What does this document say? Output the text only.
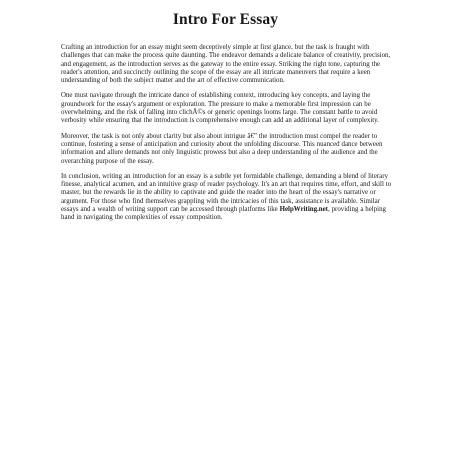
Intro For Essay

Crafting an introduction for an essay might seem deceptively simple at first glance, but the task is fraught with challenges that can make the process quite daunting. The endeavor demands a delicate balance of creativity, precision, and engagement, as the introduction serves as the gateway to the entire essay. Striking the right tone, capturing the reader's attention, and succinctly outlining the scope of the essay are all intricate maneuvers that require a keen understanding of both the subject matter and the art of effective communication.

One must navigate through the intricate dance of establishing context, introducing key concepts, and laying the groundwork for the essay's argument or exploration. The pressure to make a memorable first impression can be overwhelming, and the risk of falling into clichÃ©s or generic openings looms large. The constant battle to avoid verbosity while ensuring that the introduction is comprehensive enough can add an additional layer of complexity.

Moreover, the task is not only about clarity but also about intrigue â€” the introduction must compel the reader to continue, fostering a sense of anticipation and curiosity about the unfolding discourse. This nuanced dance between information and allure demands not only linguistic prowess but also a deep understanding of the audience and the overarching purpose of the essay.

In conclusion, writing an introduction for an essay is a subtle yet formidable challenge, demanding a blend of literary finesse, analytical acumen, and an intuitive grasp of reader psychology. It's an art that requires time, effort, and skill to master, but the rewards lie in the ability to captivate and guide the reader into the heart of the essay's narrative or argument. For those who find themselves grappling with the intricacies of this task, assistance is available. Similar essays and a wealth of writing support can be accessed through platforms like HelpWriting.net, providing a helping hand in navigating the complexities of essay composition.
